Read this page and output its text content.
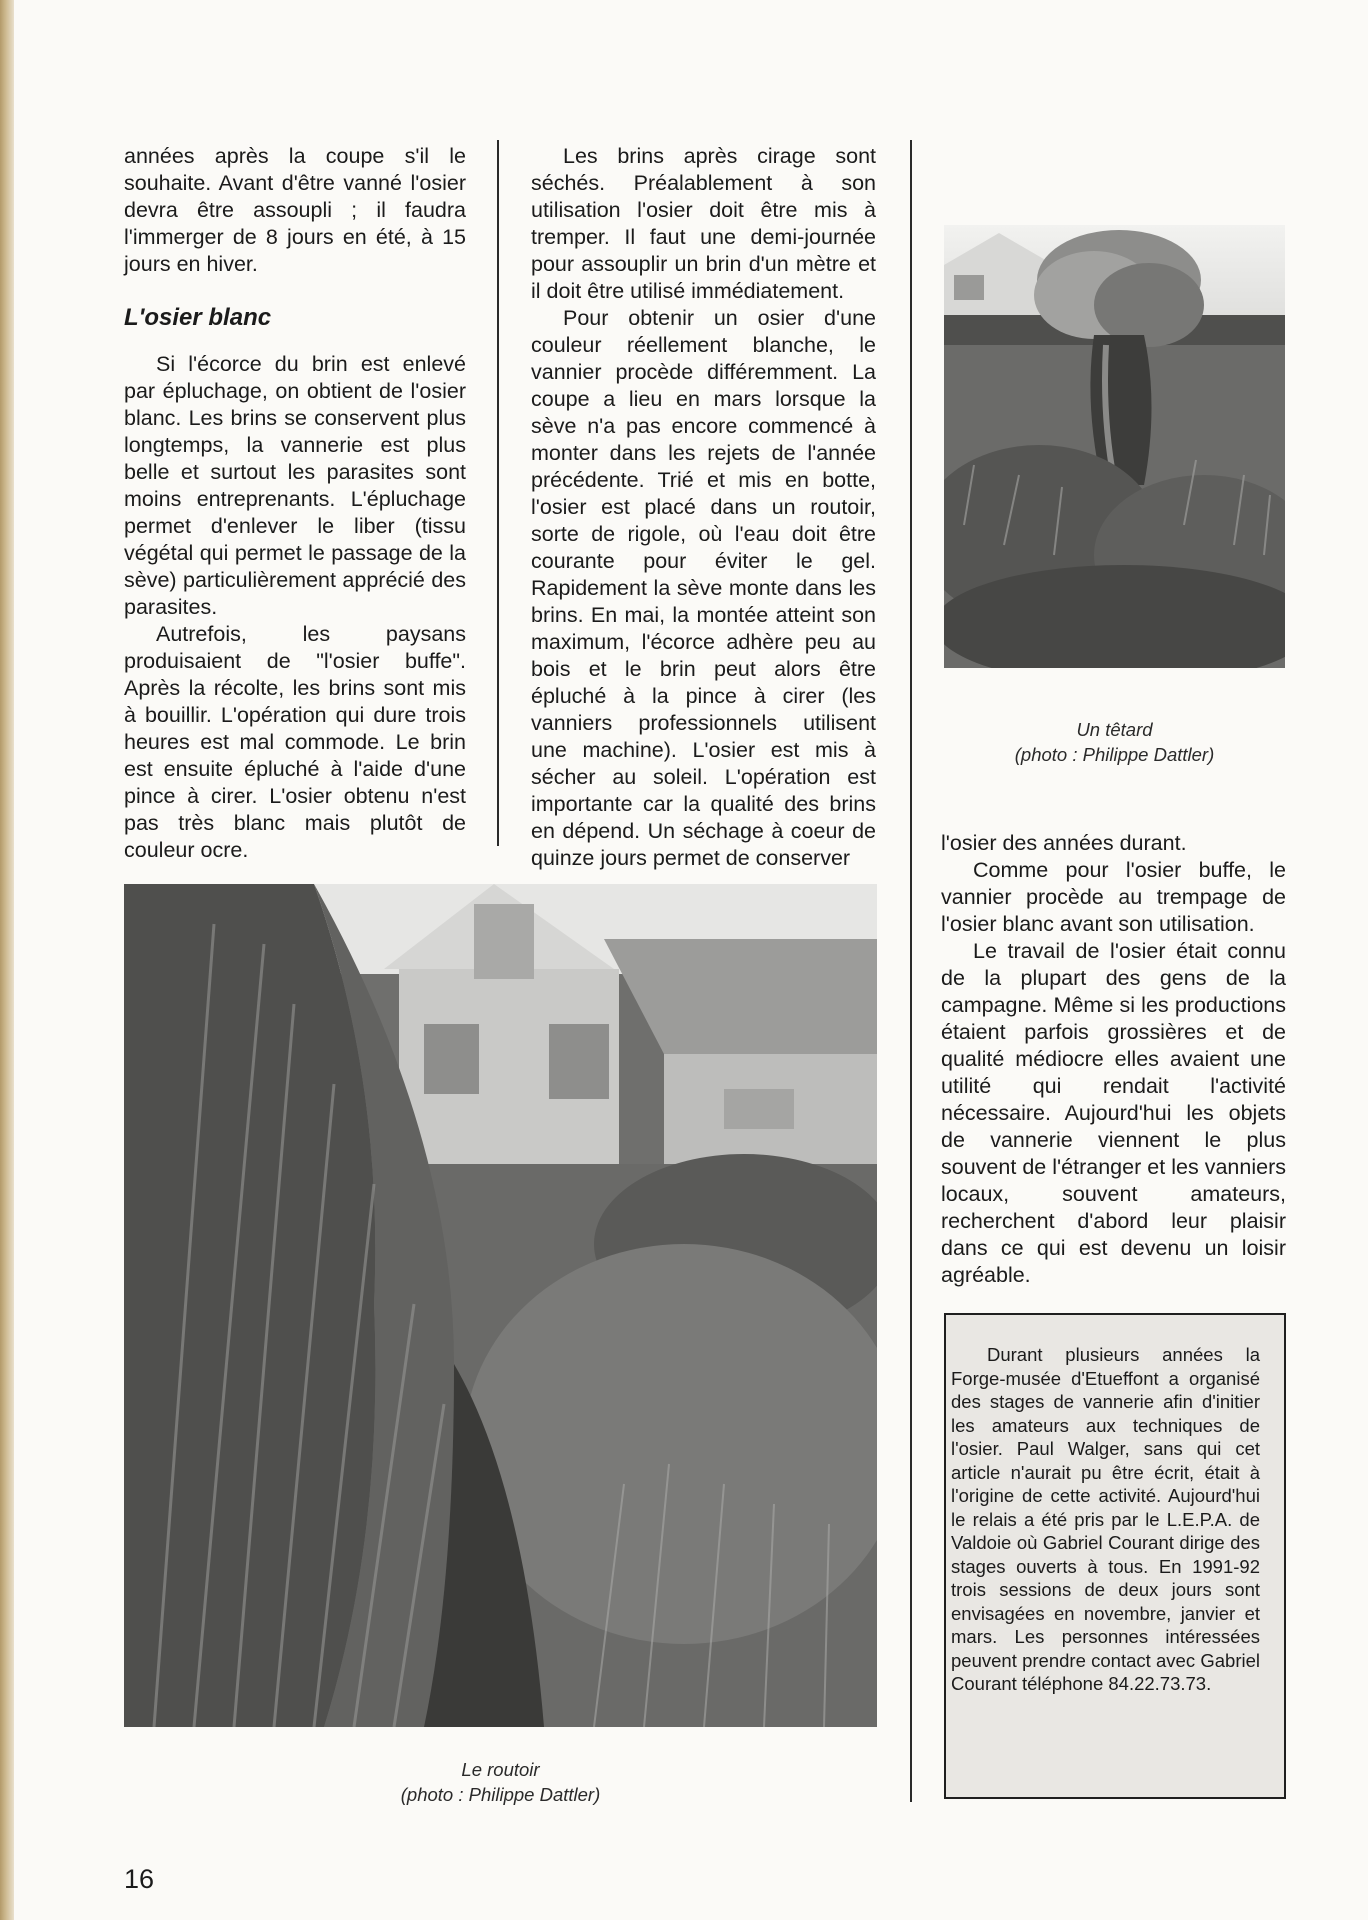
années après la coupe s'il le souhaite. Avant d'être vanné l'osier devra être assoupli ; il faudra l'immerger de 8 jours en été, à 15 jours en hiver.

L'osier blanc

Si l'écorce du brin est enlevé par épluchage, on obtient de l'osier blanc. Les brins se conservent plus longtemps, la vannerie est plus belle et surtout les parasites sont moins entreprenants. L'épluchage permet d'enlever le liber (tissu végétal qui permet le passage de la sève) particulièrement apprécié des parasites.

Autrefois, les paysans produisaient de "l'osier buffe". Après la récolte, les brins sont mis à bouillir. L'opération qui dure trois heures est mal commode. Le brin est ensuite épluché à l'aide d'une pince à cirer. L'osier obtenu n'est pas très blanc mais plutôt de couleur ocre.

Les brins après cirage sont séchés. Préalablement à son utilisation l'osier doit être mis à tremper. Il faut une demi-journée pour assouplir un brin d'un mètre et il doit être utilisé immédiatement.

Pour obtenir un osier d'une couleur réellement blanche, le vannier procède différemment. La coupe a lieu en mars lorsque la sève n'a pas encore commencé à monter dans les rejets de l'année précédente. Trié et mis en botte, l'osier est placé dans un routoir, sorte de rigole, où l'eau doit être courante pour éviter le gel. Rapidement la sève monte dans les brins. En mai, la montée atteint son maximum, l'écorce adhère peu au bois et le brin peut alors être épluché à la pince à cirer (les vanniers professionnels utilisent une machine). L'osier est mis à sécher au soleil. L'opération est importante car la qualité des brins en dépend. Un séchage à coeur de quinze jours permet de conserver

Un têtard
(photo : Philippe Dattler)

l'osier des années durant.

Comme pour l'osier buffe, le vannier procède au trempage de l'osier blanc avant son utilisation.

Le travail de l'osier était connu de la plupart des gens de la campagne. Même si les productions étaient parfois grossières et de qualité médiocre elles avaient une utilité qui rendait l'activité nécessaire. Aujourd'hui les objets de vannerie viennent le plus souvent de l'étranger et les vanniers locaux, souvent amateurs, recherchent d'abord leur plaisir dans ce qui est devenu un loisir agréable.

Le routoir
(photo : Philippe Dattler)

Durant plusieurs années la Forge-musée d'Etueffont a organisé des stages de vannerie afin d'initier les amateurs aux techniques de l'osier. Paul Walger, sans qui cet article n'aurait pu être écrit, était à l'origine de cette activité. Aujourd'hui le relais a été pris par le L.E.P.A. de Valdoie où Gabriel Courant dirige des stages ouverts à tous. En 1991-92 trois sessions de deux jours sont envisagées en novembre, janvier et mars. Les personnes intéressées peuvent prendre contact avec Gabriel Courant téléphone 84.22.73.73.

16
